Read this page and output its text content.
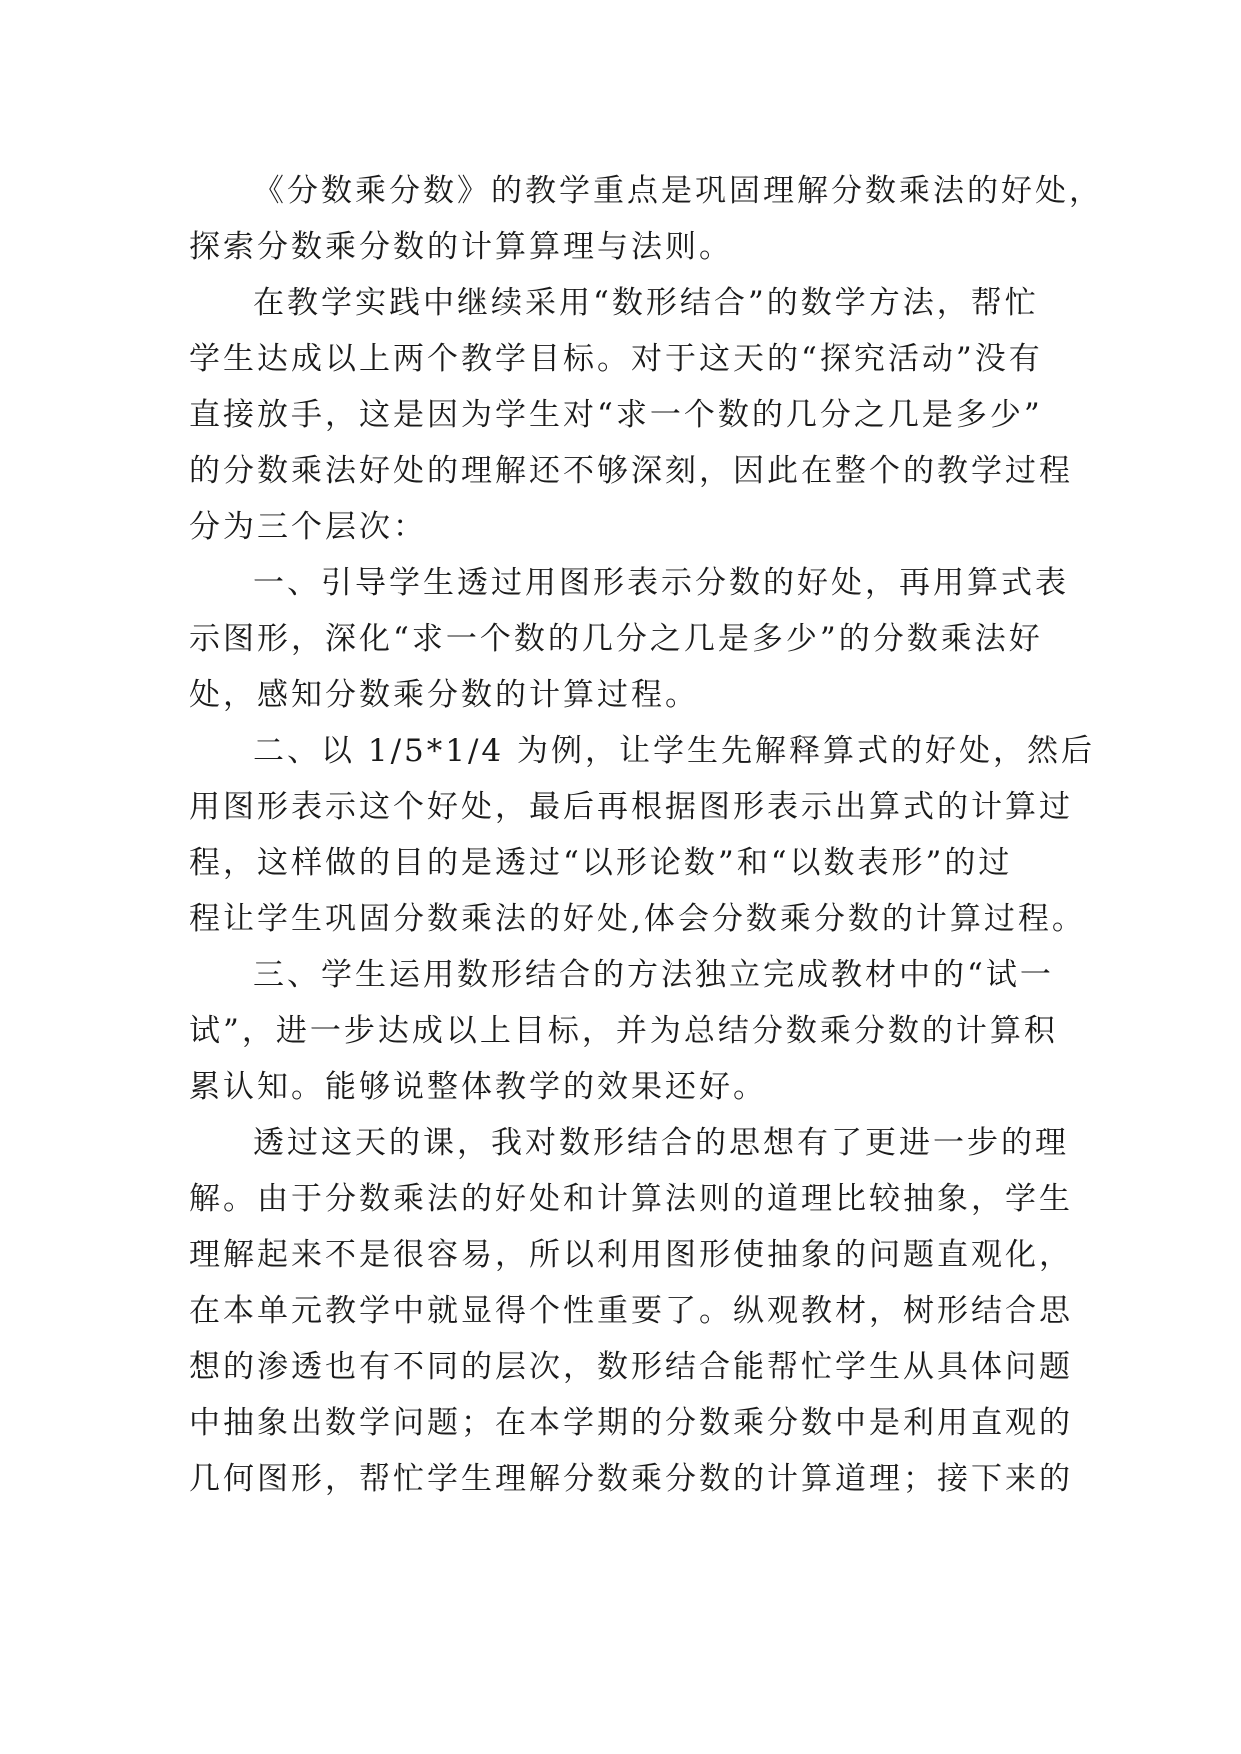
《分数乘分数》的教学重点是巩固理解分数乘法的好处，
探索分数乘分数的计算算理与法则。
在教学实践中继续采用“数形结合”的数学方法，帮忙
学生达成以上两个教学目标。对于这天的“探究活动”没有
直接放手，这是因为学生对“求一个数的几分之几是多少”
的分数乘法好处的理解还不够深刻，因此在整个的教学过程
分为三个层次：
一、引导学生透过用图形表示分数的好处，再用算式表
示图形，深化“求一个数的几分之几是多少”的分数乘法好
处，感知分数乘分数的计算过程。
二、以 1/5*1/4 为例，让学生先解释算式的好处，然后
用图形表示这个好处，最后再根据图形表示出算式的计算过
程，这样做的目的是透过“以形论数”和“以数表形”的过
程让学生巩固分数乘法的好处,体会分数乘分数的计算过程。
三、学生运用数形结合的方法独立完成教材中的“试一
试”，进一步达成以上目标，并为总结分数乘分数的计算积
累认知。能够说整体教学的效果还好。
透过这天的课，我对数形结合的思想有了更进一步的理
解。由于分数乘法的好处和计算法则的道理比较抽象，学生
理解起来不是很容易，所以利用图形使抽象的问题直观化，
在本单元教学中就显得个性重要了。纵观教材，树形结合思
想的渗透也有不同的层次，数形结合能帮忙学生从具体问题
中抽象出数学问题；在本学期的分数乘分数中是利用直观的
几何图形，帮忙学生理解分数乘分数的计算道理；接下来的
